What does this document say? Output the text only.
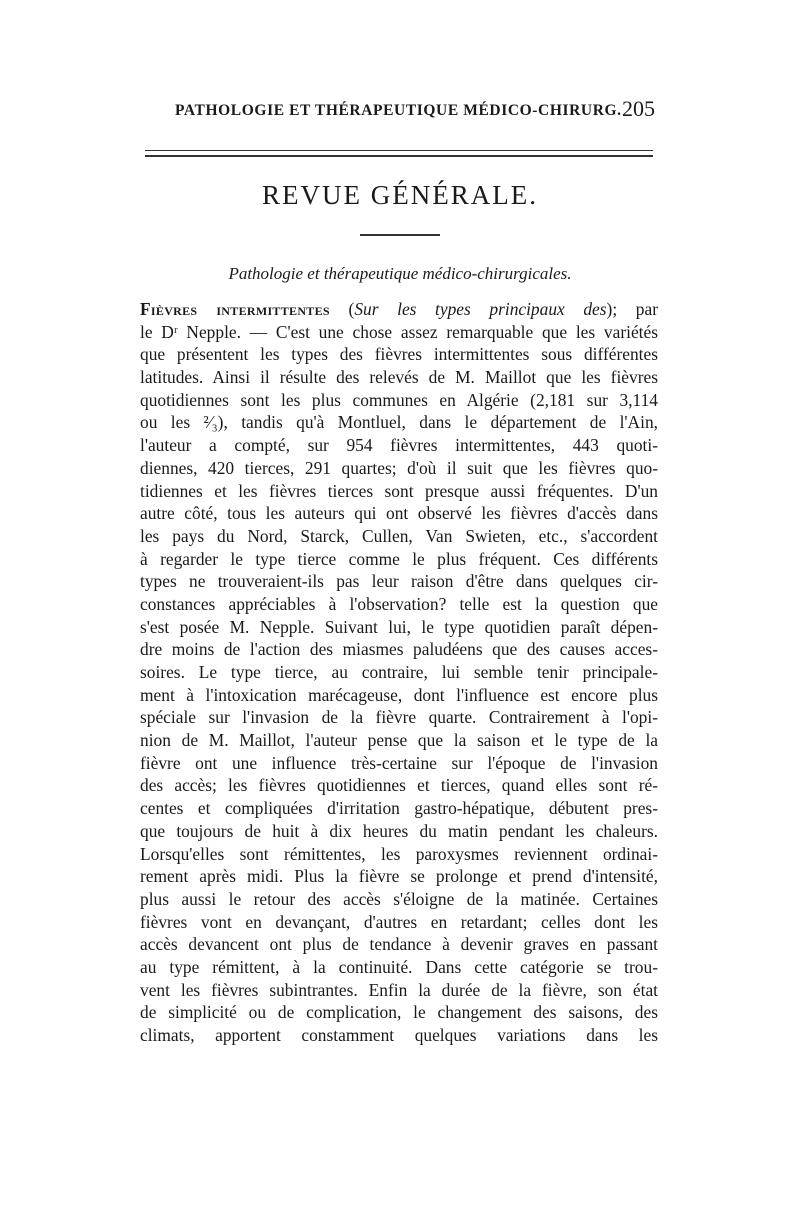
PATHOLOGIE ET THÉRAPEUTIQUE MÉDICO-CHIRURG. 205
REVUE GÉNÉRALE.
Pathologie et thérapeutique médico-chirurgicales.
Fièvres intermittentes (Sur les types principaux des); par
le Dʳ Nepple. — C'est une chose assez remarquable que les variétés
que présentent les types des fièvres intermittentes sous différentes
latitudes. Ainsi il résulte des relevés de M. Maillot que les fièvres
quotidiennes sont les plus communes en Algérie (2,181 sur 3,114
ou les ²⁄₃), tandis qu'à Montluel, dans le département de l'Ain,
l'auteur a compté, sur 954 fièvres intermittentes, 443 quoti-
diennes, 420 tierces, 291 quartes; d'où il suit que les fièvres quo-
tidiennes et les fièvres tierces sont presque aussi fréquentes. D'un
autre côté, tous les auteurs qui ont observé les fièvres d'accès dans
les pays du Nord, Starck, Cullen, Van Swieten, etc., s'accordent
à regarder le type tierce comme le plus fréquent. Ces différents
types ne trouveraient-ils pas leur raison d'être dans quelques cir-
constances appréciables à l'observation? telle est la question que
s'est posée M. Nepple. Suivant lui, le type quotidien paraît dépen-
dre moins de l'action des miasmes paludéens que des causes acces-
soires. Le type tierce, au contraire, lui semble tenir principale-
ment à l'intoxication marécageuse, dont l'influence est encore plus
spéciale sur l'invasion de la fièvre quarte. Contrairement à l'opi-
nion de M. Maillot, l'auteur pense que la saison et le type de la
fièvre ont une influence très-certaine sur l'époque de l'invasion
des accès; les fièvres quotidiennes et tierces, quand elles sont ré-
centes et compliquées d'irritation gastro-hépatique, débutent pres-
que toujours de huit à dix heures du matin pendant les chaleurs.
Lorsqu'elles sont rémittentes, les paroxysmes reviennent ordinai-
rement après midi. Plus la fièvre se prolonge et prend d'intensité,
plus aussi le retour des accès s'éloigne de la matinée. Certaines
fièvres vont en devançant, d'autres en retardant; celles dont les
accès devancent ont plus de tendance à devenir graves en passant
au type rémittent, à la continuité. Dans cette catégorie se trou-
vent les fièvres subintrantes. Enfin la durée de la fièvre, son état
de simplicité ou de complication, le changement des saisons, des
climats, apportent constamment quelques variations dans les
